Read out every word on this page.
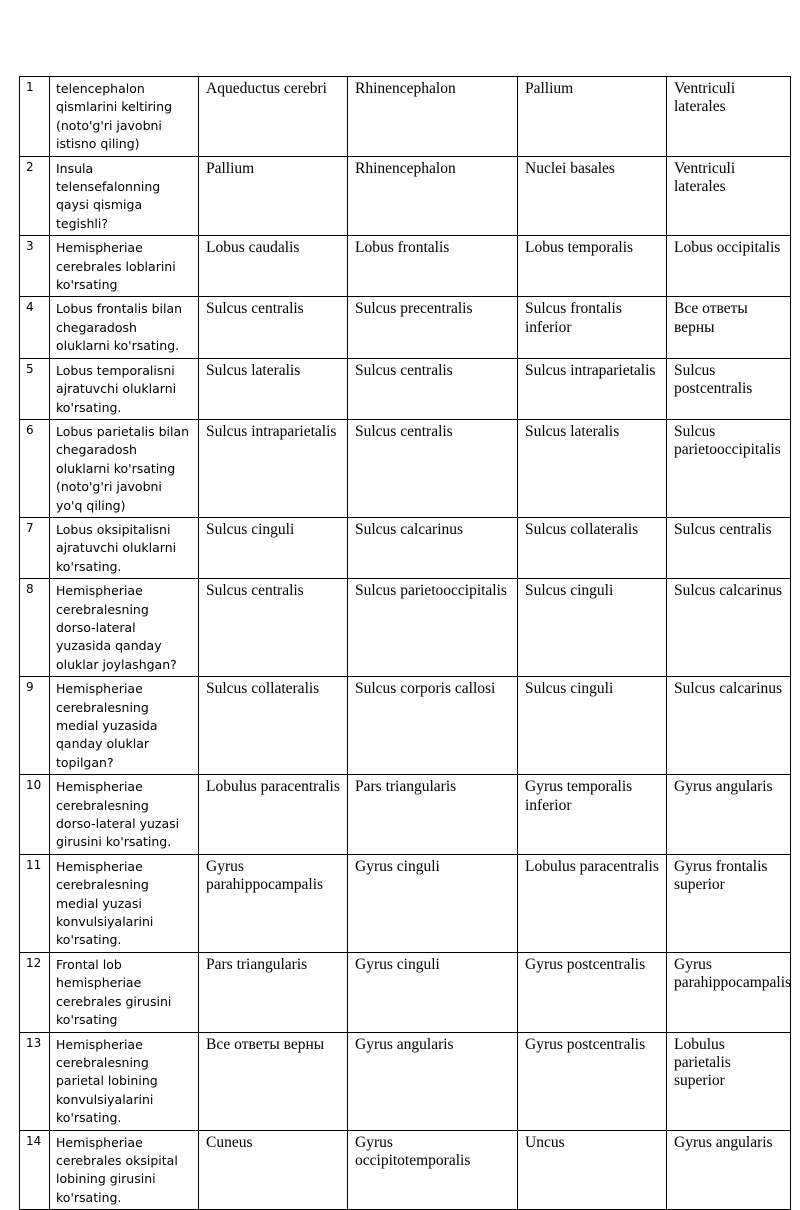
1	telencephalon qismlarini keltiring (noto'g'ri javobni istisno qiling)	Aqueductus cerebri	Rhinencephalon	Pallium	Ventriculi laterales
2	Insula telensefalonning qaysi qismiga tegishli?	Pallium	Rhinencephalon	Nuclei basales	Ventriculi laterales
3	Hemispheriae cerebrales loblarini ko'rsating	Lobus caudalis	Lobus frontalis	Lobus temporalis	Lobus occipitalis
4	Lobus frontalis bilan chegaradosh oluklarni ko'rsating.	Sulcus centralis	Sulcus precentralis	Sulcus frontalis inferior	Все ответы верны
5	Lobus temporalisni ajratuvchi oluklarni ko'rsating.	Sulcus lateralis	Sulcus centralis	Sulcus intraparietalis	Sulcus postcentralis
6	Lobus parietalis bilan chegaradosh oluklarni ko'rsating (noto'g'ri javobni yo'q qiling)	Sulcus intraparietalis	Sulcus centralis	Sulcus lateralis	Sulcus parietooccipitalis
7	Lobus oksipitalisni ajratuvchi oluklarni ko'rsating.	Sulcus cinguli	Sulcus calcarinus	Sulcus collateralis	Sulcus centralis
8	Hemispheriae cerebralesning dorso-lateral yuzasida qanday oluklar joylashgan?	Sulcus centralis	Sulcus parietooccipitalis	Sulcus cinguli	Sulcus calcarinus
9	Hemispheriae cerebralesning medial yuzasida qanday oluklar topilgan?	Sulcus collateralis	Sulcus corporis callosi	Sulcus cinguli	Sulcus calcarinus
10	Hemispheriae cerebralesning dorso-lateral yuzasi girusini ko'rsating.	Lobulus paracentralis	Pars triangularis	Gyrus temporalis inferior	Gyrus angularis
11	Hemispheriae cerebralesning medial yuzasi konvulsiyalarini ko'rsating.	Gyrus parahippocampalis	Gyrus cinguli	Lobulus paracentralis	Gyrus frontalis superior
12	Frontal lob hemispheriae cerebrales girusini ko'rsating	Pars triangularis	Gyrus cinguli	Gyrus postcentralis	Gyrus parahippocampalis
13	Hemispheriae cerebralesning parietal lobining konvulsiyalarini ko'rsating.	Все ответы верны	Gyrus angularis	Gyrus postcentralis	Lobulus parietalis superior
14	Hemispheriae cerebrales oksipital lobining girusini ko'rsating.	Cuneus	Gyrus occipitotemporalis	Uncus	Gyrus angularis
